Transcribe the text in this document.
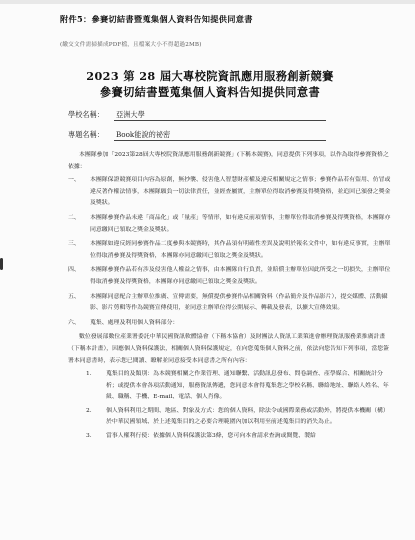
附件5：參賽切結書暨蒐集個人資料告知提供同意書
(繳交文件需掃描成PDF檔，且檔案大小不得超過2MB)
2023 第 28 屆大專校院資訊應用服務創新競賽
參賽切結書暨蒐集個人資料告知提供同意書
學校名稱： 亞洲大學
專題名稱： Book能說的祕密

本團隊參加「2023第28屆大專校院資訊應用服務創新競賽」(下稱本競賽)，同意提供下列事項，以作為取得參賽資格之依據：

一、 本團隊保證競賽項目內容為原創，無抄襲、侵害他人智慧財產權及違反相關規定之情事；參賽作品若有盜用、仿冒或違反著作權法情事，本團隊願負一切法律責任，並經查屬實，主辦單位得取消參賽及得獎資格，並追回已頒發之獎金及獎狀。
二、 本團隊參賽作品未違「商品化」或「量產」等情形，如有違反前項情事，主辦單位得取消參賽及得獎資格，本團隊亦同意繳回已領取之獎金及獎狀。
三、 本團隊如違反經同參賽作品二度參與本競賽時，其作品須有明確性差異及說明於報名文件中，如有違反事實，主辦單位得取消參賽及得獎資格，本團隊亦同意繳回已領取之獎金及獎狀。
四、 本團隊參賽作品若有涉及侵害他人權益之情事，由本團隊自行負責，並賠償主辦單位因此所受之一切損失，主辦單位得取消參賽及得獎資格，本團隊亦同意繳回已領取之獎金及獎狀。
五、 本團隊同意配合主辦單位推廣、宣傳需要，無償提供參賽作品相關資料（作品簡介及作品影片），提交媒體、活動攝影、影片剪輯等作為競賽宣傳使用，並同意主辦單位得公開展示、轉載及發表，以擴大宣傳效果。
六、 蒐集、處理及利用個人資料部分：

數位發展部數位產業署委託中華民國資訊軟體協會（下稱本協會）及財團法人資訊工業策進會辦理資訊服務業推廣計畫（下稱本計畫），因應個人資料保護法，相關個人資料保護規定，在向您蒐集個人資料之前，依法向您告知下列事項，當您簽署本同意書時，表示您已閱讀、瞭解並同意接受本同意書之所有內容：

1. 蒐集目的及類別：為本競賽相關之作業管理、通知聯繫、活動訊息發布、問卷調查、產學媒合、相關統計分析；或提供本會各項活動通知，服務資訊傳遞，您同意本會得蒐集您之學校名稱、聯絡地址、聯絡人姓名、年級、職稱、手機、E-mail、電話、個人肖像。
2. 個人資料利用之期間、地區、對象及方式：您的個人資料，除法令或國際業務或活動外，將提供本機關（構）於中華民國領域、於上述蒐集目的之必要合理範圍內加以利用至前述蒐集目的消失為止。
3. 當事人權利行使：依據個人資料保護法第3條，您可向本會請求查詢或閱覽、製給
